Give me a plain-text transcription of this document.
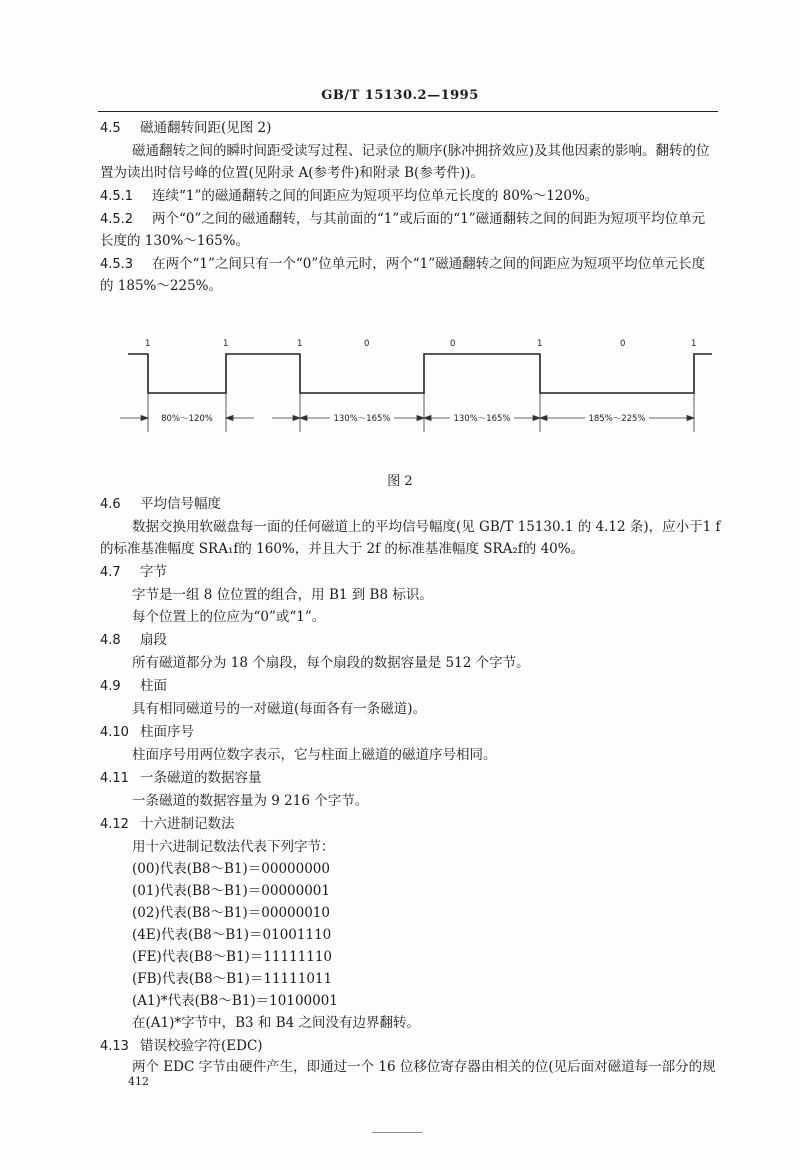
GB/T 15130.2—1995
4.5 磁通翻转间距(见图 2)
磁通翻转之间的瞬时间距受读写过程、记录位的顺序(脉冲拥挤效应)及其他因素的影响。翻转的位
置为读出时信号峰的位置(见附录 A(参考件)和附录 B(参考件))。
4.5.1 连续“1”的磁通翻转之间的间距应为短项平均位单元长度的 80%～120%。
4.5.2 两个“0”之间的磁通翻转，与其前面的“1”或后面的“1”磁通翻转之间的间距为短项平均位单元
长度的 130%～165%。
4.5.3 在两个“1”之间只有一个“0”位单元时，两个“1”磁通翻转之间的间距应为短项平均位单元长度
的 185%～225%。
1	1	1	0	0	1	0	1
80%～120%	130%～165%	130%～165%	185%～225%
图 2
4.6 平均信号幅度
数据交换用软磁盘每一面的任何磁道上的平均信号幅度(见 GB/T 15130.1 的 4.12 条)，应小于1 f
的标准基准幅度 SRA₁f的 160%，并且大于 2f 的标准基准幅度 SRA₂f的 40%。
4.7 字节
字节是一组 8 位位置的组合，用 B1 到 B8 标识。
每个位置上的位应为“0”或“1”。
4.8 扇段
所有磁道都分为 18 个扇段，每个扇段的数据容量是 512 个字节。
4.9 柱面
具有相同磁道号的一对磁道(每面各有一条磁道)。
4.10 柱面序号
柱面序号用两位数字表示，它与柱面上磁道的磁道序号相同。
4.11 一条磁道的数据容量
一条磁道的数据容量为 9 216 个字节。
4.12 十六进制记数法
用十六进制记数法代表下列字节：
(00)代表(B8～B1)＝00000000
(01)代表(B8～B1)＝00000001
(02)代表(B8～B1)＝00000010
(4E)代表(B8～B1)＝01001110
(FE)代表(B8～B1)＝11111110
(FB)代表(B8～B1)＝11111011
(A1)*代表(B8～B1)＝10100001
在(A1)*字节中，B3 和 B4 之间没有边界翻转。
4.13 错误校验字符(EDC)
两个 EDC 字节由硬件产生，即通过一个 16 位移位寄存器由相关的位(见后面对磁道每一部分的规
412
